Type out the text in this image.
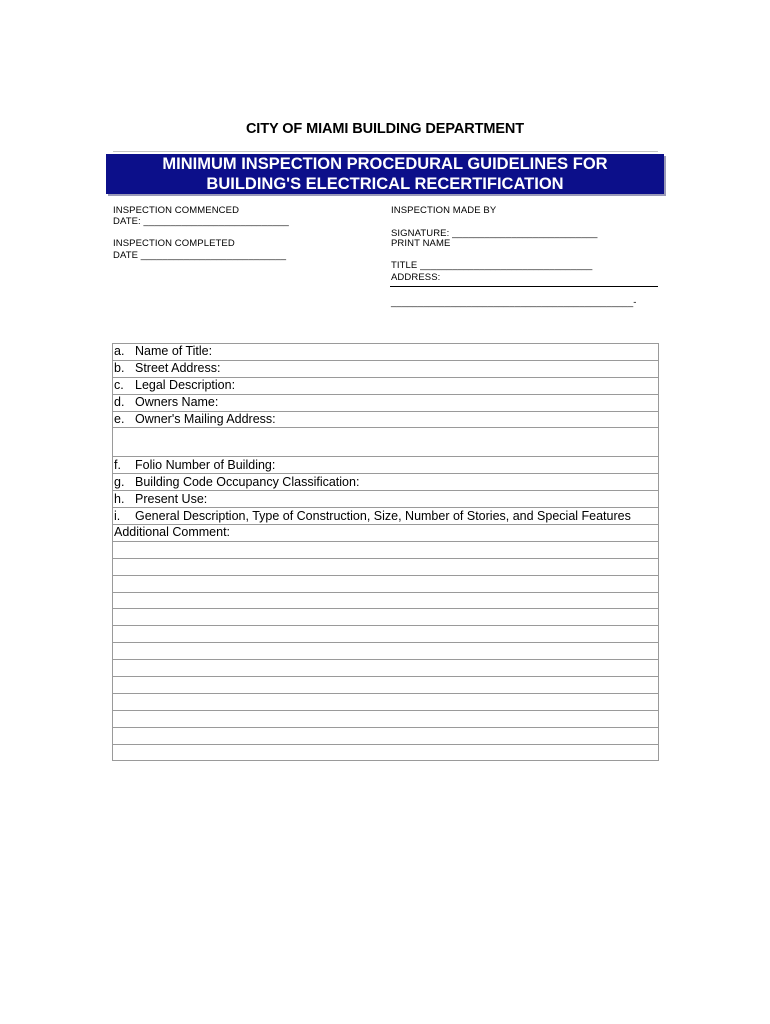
CITY OF MIAMI BUILDING DEPARTMENT
MINIMUM INSPECTION PROCEDURAL GUIDELINES FOR
BUILDING'S ELECTRICAL RECERTIFICATION
INSPECTION COMMENCED
DATE: ___________________________
INSPECTION COMPLETED
DATE ___________________________
INSPECTION MADE BY
SIGNATURE: ___________________________
PRINT NAME
TITLE ________________________________
ADDRESS:
_____________________________________________-
a. Name of Title:
b. Street Address:
c. Legal Description:
d. Owners Name:
e. Owner's Mailing Address:

f. Folio Number of Building:
g. Building Code Occupancy Classification:
h. Present Use:
i. General Description, Type of Construction, Size, Number of Stories, and Special Features
Additional Comment:
